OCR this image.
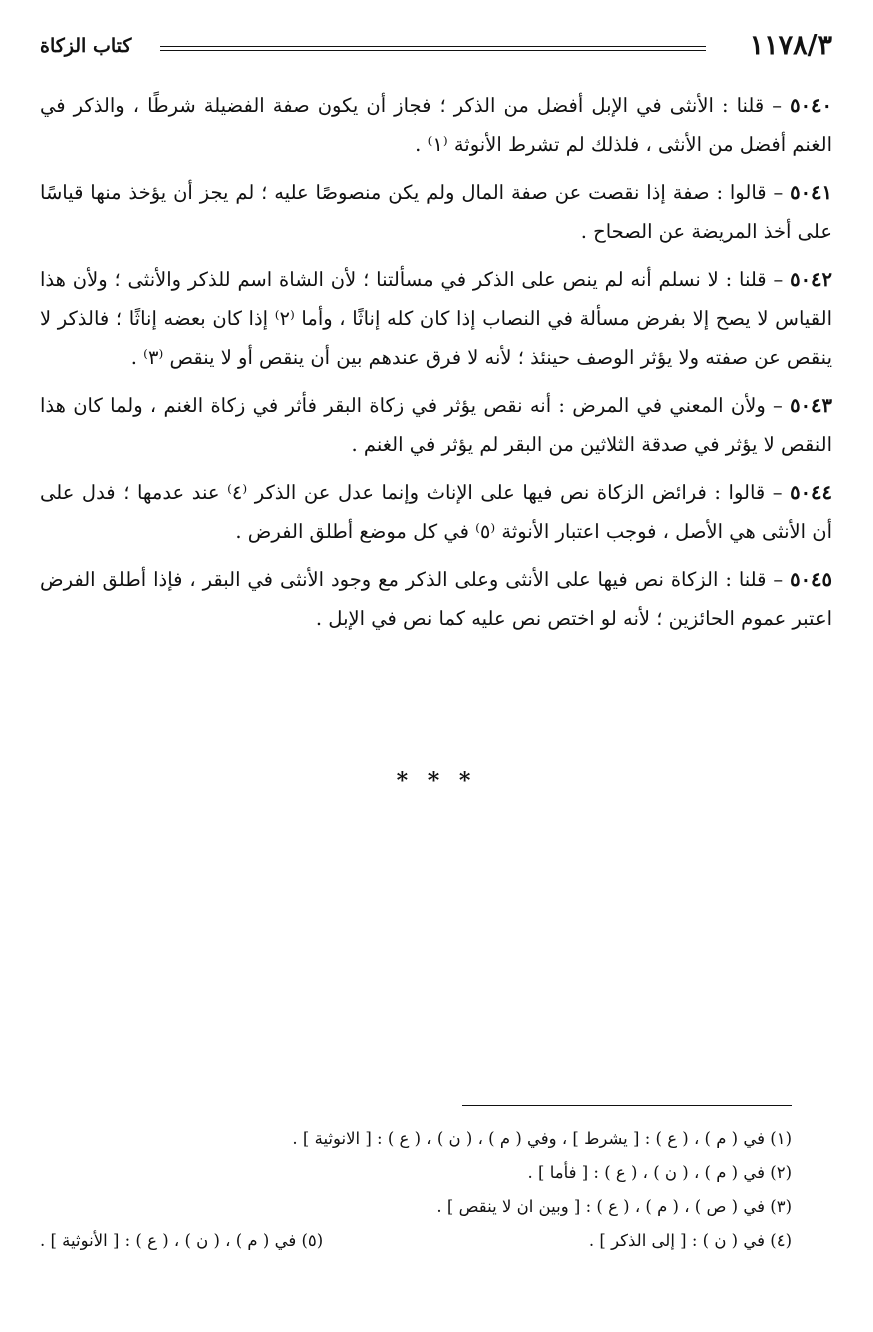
١١٧٨/٣
كتاب الزكاة

٥٠٤٠ – قلنا : الأنثى في الإبل أفضل من الذكر ؛ فجاز أن يكون صفة الفضيلة شرطًا ، والذكر في الغنم أفضل من الأنثى ، فلذلك لم تشرط الأنوثة ⁽١⁾ .

٥٠٤١ – قالوا : صفة إذا نقصت عن صفة المال ولم يكن منصوصًا عليه ؛ لم يجز أن يؤخذ منها قياسًا على أخذ المريضة عن الصحاح .

٥٠٤٢ – قلنا : لا نسلم أنه لم ينص على الذكر في مسألتنا ؛ لأن الشاة اسم للذكر والأنثى ؛ ولأن هذا القياس لا يصح إلا بفرض مسألة في النصاب إذا كان كله إناثًا ، وأما ⁽٢⁾ إذا كان بعضه إناثًا ؛ فالذكر لا ينقص عن صفته ولا يؤثر الوصف حينئذ ؛ لأنه لا فرق عندهم بين أن ينقص أو لا ينقص ⁽٣⁾ .

٥٠٤٣ – ولأن المعني في المرض : أنه نقص يؤثر في زكاة البقر فأثر في زكاة الغنم ، ولما كان هذا النقص لا يؤثر في صدقة الثلاثين من البقر لم يؤثر في الغنم .

٥٠٤٤ – قالوا : فرائض الزكاة نص فيها على الإناث وإنما عدل عن الذكر ⁽٤⁾ عند عدمها ؛ فدل على أن الأنثى هي الأصل ، فوجب اعتبار الأنوثة ⁽٥⁾ في كل موضع أطلق الفرض .

٥٠٤٥ – قلنا : الزكاة نص فيها على الأنثى وعلى الذكر مع وجود الأنثى في البقر ، فإذا أطلق الفرض اعتبر عموم الحائزين ؛ لأنه لو اختص نص عليه كما نص في الإبل .

* * *
(١) في ( م ) ، ( ع ) : [ يشرط ] ، وفي ( م ) ، ( ن ) ، ( ع ) : [ الانوثية ] .
(٢) في ( م ) ، ( ن ) ، ( ع ) : [ فأما ] .
(٣) في ( ص ) ، ( م ) ، ( ع ) : [ وبين ان لا ينقص ] .
(٤) في ( ن ) : [ إلى الذكر ] .
(٥) في ( م ) ، ( ن ) ، ( ع ) : [ الأنوثية ] .
